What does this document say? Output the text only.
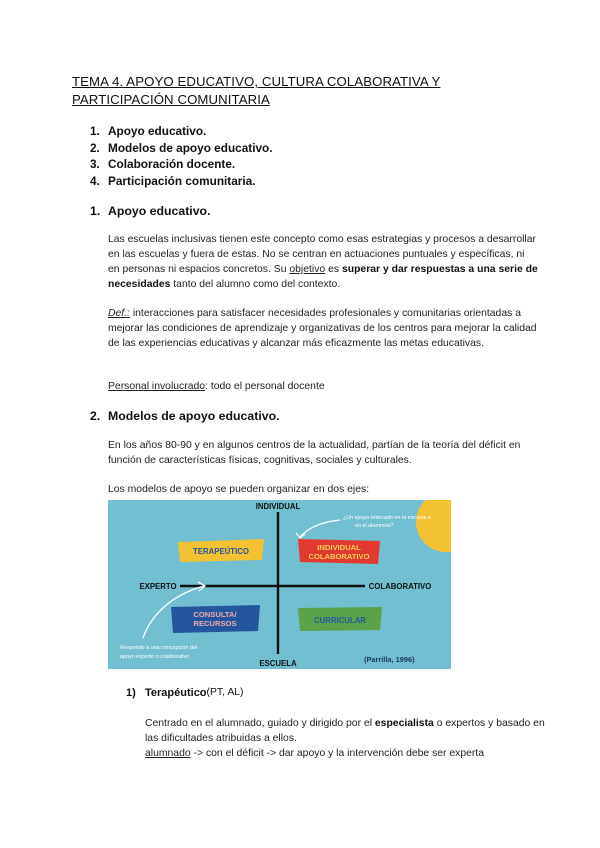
TEMA 4. APOYO EDUCATIVO, CULTURA COLABORATIVA Y PARTICIPACIÓN COMUNITARIA
1. Apoyo educativo.
2. Modelos de apoyo educativo.
3. Colaboración docente.
4. Participación comunitaria.
1. Apoyo educativo.
Las escuelas inclusivas tienen este concepto como esas estrategias y procesos a desarrollar en las escuelas y fuera de estas. No se centran en actuaciones puntuales y específicas, ni en personas ni espacios concretos. Su objetivo es superar y dar respuestas a una serie de necesidades tanto del alumno como del contexto.
Def.: interacciones para satisfacer necesidades profesionales y comunitarias orientadas a mejorar las condiciones de aprendizaje y organizativas de los centros para mejorar la calidad de las experiencias educativas y alcanzar más eficazmente las metas educativas.
Personal involucrado: todo el personal docente
2. Modelos de apoyo educativo.
En los años 80-90 y en algunos centros de la actualidad, partían de la teoría del déficit en función de características físicas, cognitivas, sociales y culturales.
Los modelos de apoyo se pueden organizar en dos ejes:
INDIVIDUAL
ESCUELA
EXPERTO	COLABORATIVO
TERAPEÚTICO	INDIVIDUAL
COLABORATIVO
CONSULTA/
RECURSOS	CURRICULAR
¿Un apoyo enfocado en la escuela o
en el alumno/a?
Responde a una concepción del
apoyo experto o colaborativo	(Parrilla, 1996)
1) Terapéutico (PT, AL)
Centrado en el alumnado, guiado y dirigido por el especialista o expertos y basado en las dificultades atribuidas a ellos.
alumnado -> con el déficit -> dar apoyo y la intervención debe ser experta
